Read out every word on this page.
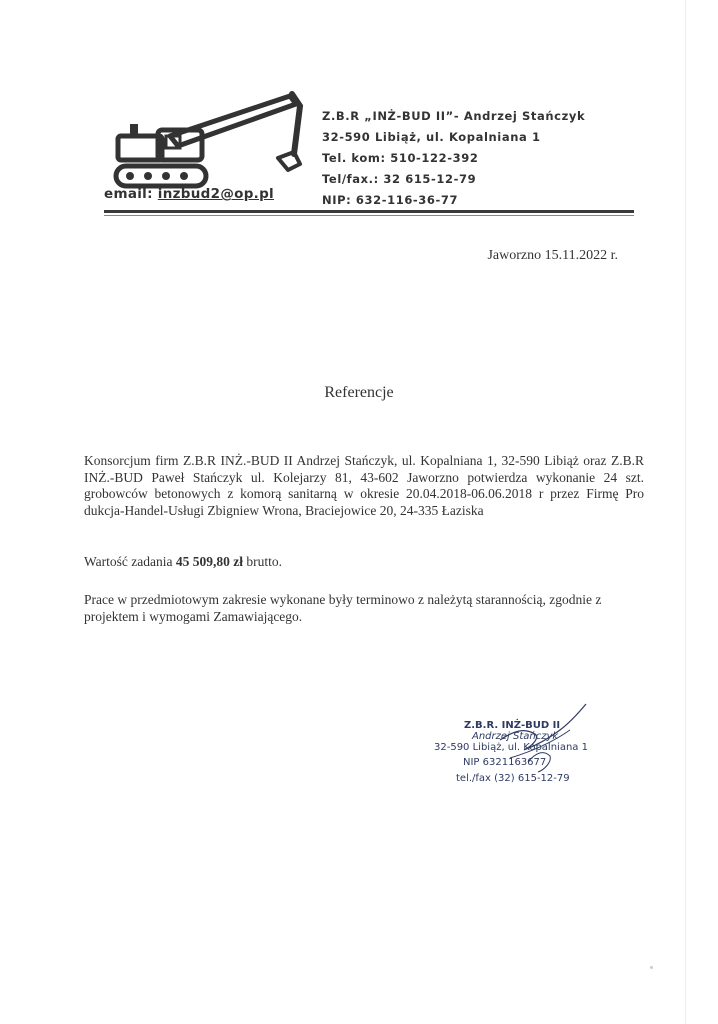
email: inzbud2@op.pl
Z.B.R „INŻ-BUD II”- Andrzej Stańczyk
32-590 Libiąż, ul. Kopalniana 1
Tel. kom: 510-122-392
Tel/fax.: 32 615-12-79
NIP: 632-116-36-77
Jaworzno 15.11.2022 r.
Referencje
Konsorcjum firm Z.B.R INŻ.-BUD II Andrzej Stańczyk, ul. Kopalniana 1, 32-590 Libiąż oraz Z.B.R INŻ.-BUD Paweł Stańczyk ul. Kolejarzy 81, 43-602 Jaworzno potwierdza wykonanie 24 szt. grobowców betonowych z komorą sanitarną w okresie 20.04.2018-06.06.2018 r przez Firmę Pro dukcja-Handel-Usługi Zbigniew Wrona, Braciejowice 20, 24-335 Łaziska
Wartość zadania 45 509,80 zł brutto.
Prace w przedmiotowym zakresie wykonane były terminowo z należytą starannością, zgodnie z projektem i wymogami Zamawiającego.
Z.B.R. INŻ-BUD II
Andrzej Stańczyk
32-590 Libiąż, ul. Kopalniana 1
NIP 6321163677
tel./fax (32) 615-12-79
